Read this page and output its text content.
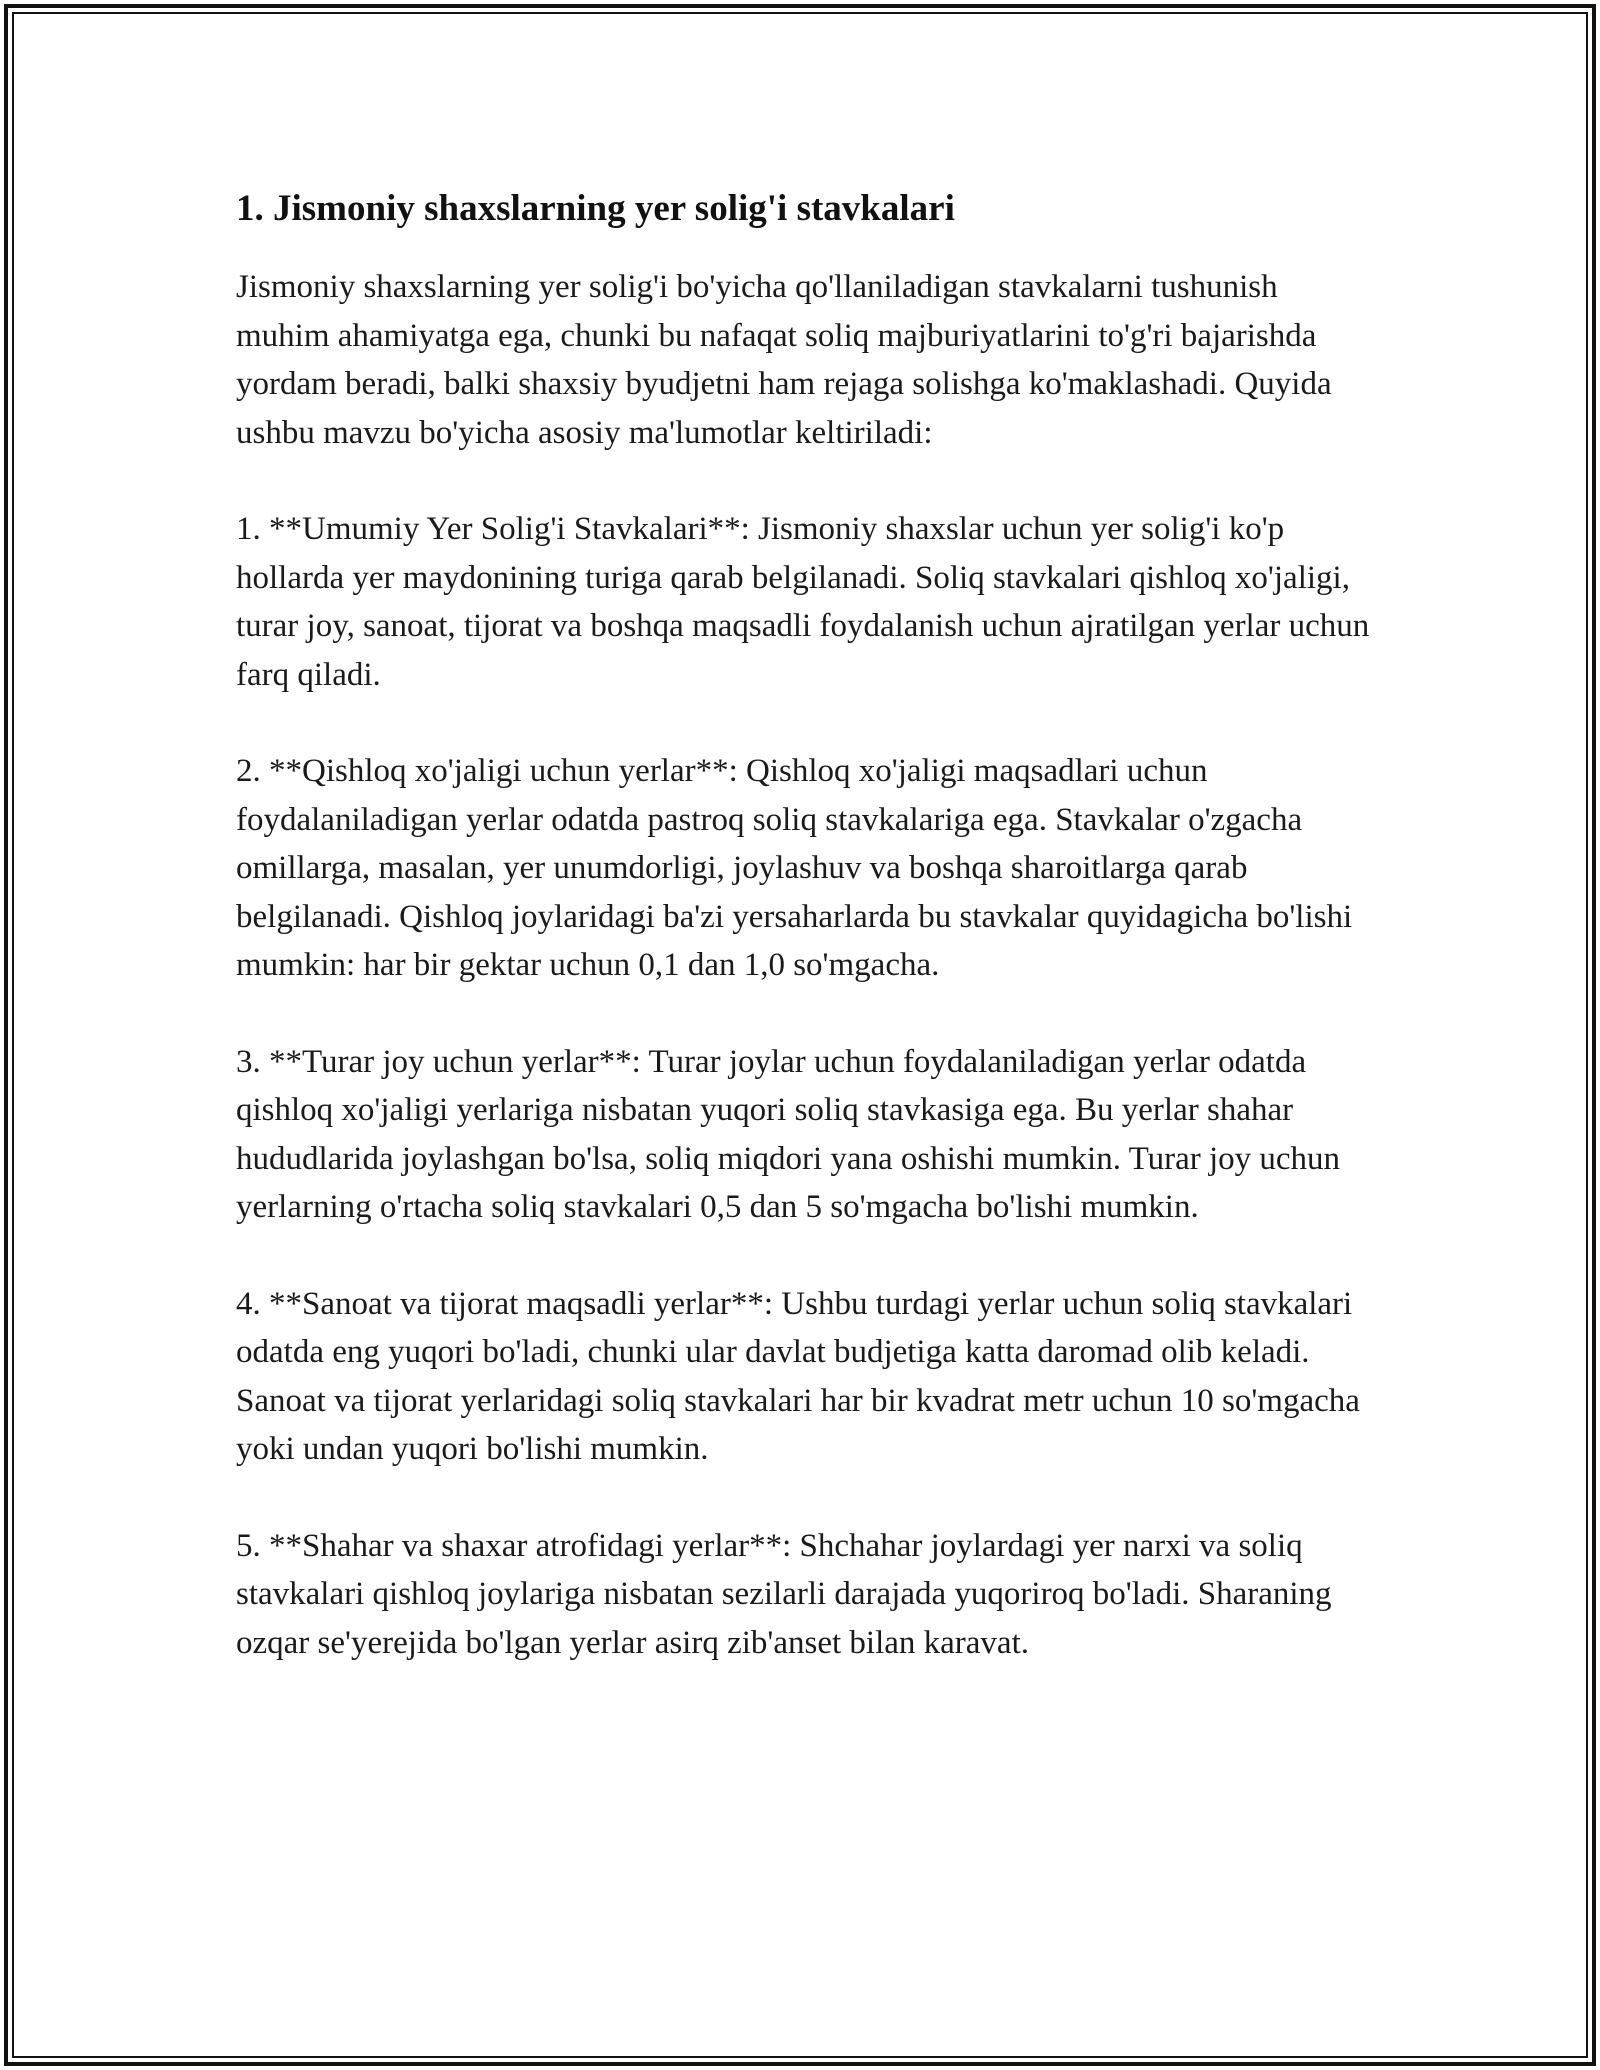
1. Jismoniy shaxslarning yer solig'i stavkalari

Jismoniy shaxslarning yer solig'i bo'yicha qo'llaniladigan stavkalarni tushunish muhim ahamiyatga ega, chunki bu nafaqat soliq majburiyatlarini to'g'ri bajarishda yordam beradi, balki shaxsiy byudjetni ham rejaga solishga ko'maklashadi. Quyida ushbu mavzu bo'yicha asosiy ma'lumotlar keltiriladi:

1. **Umumiy Yer Solig'i Stavkalari**: Jismoniy shaxslar uchun yer solig'i ko'p hollarda yer maydonining turiga qarab belgilanadi. Soliq stavkalari qishloq xo'jaligi, turar joy, sanoat, tijorat va boshqa maqsadli foydalanish uchun ajratilgan yerlar uchun farq qiladi.

2. **Qishloq xo'jaligi uchun yerlar**: Qishloq xo'jaligi maqsadlari uchun foydalaniladigan yerlar odatda pastroq soliq stavkalariga ega. Stavkalar o'zgacha omillarga, masalan, yer unumdorligi, joylashuv va boshqa sharoitlarga qarab belgilanadi. Qishloq joylaridagi ba'zi yersaharlarda bu stavkalar quyidagicha bo'lishi mumkin: har bir gektar uchun 0,1 dan 1,0 so'mgacha.

3. **Turar joy uchun yerlar**: Turar joylar uchun foydalaniladigan yerlar odatda qishloq xo'jaligi yerlariga nisbatan yuqori soliq stavkasiga ega. Bu yerlar shahar hududlarida joylashgan bo'lsa, soliq miqdori yana oshishi mumkin. Turar joy uchun yerlarning o'rtacha soliq stavkalari 0,5 dan 5 so'mgacha bo'lishi mumkin.

4. **Sanoat va tijorat maqsadli yerlar**: Ushbu turdagi yerlar uchun soliq stavkalari odatda eng yuqori bo'ladi, chunki ular davlat budjetiga katta daromad olib keladi. Sanoat va tijorat yerlaridagi soliq stavkalari har bir kvadrat metr uchun 10 so'mgacha yoki undan yuqori bo'lishi mumkin.

5. **Shahar va shaxar atrofidagi yerlar**: Shchahar joylardagi yer narxi va soliq stavkalari qishloq joylariga nisbatan sezilarli darajada yuqoriroq bo'ladi. Sharaning ozqar se'yerejida bo'lgan yerlar asirq zib'anset bilan karavat.
